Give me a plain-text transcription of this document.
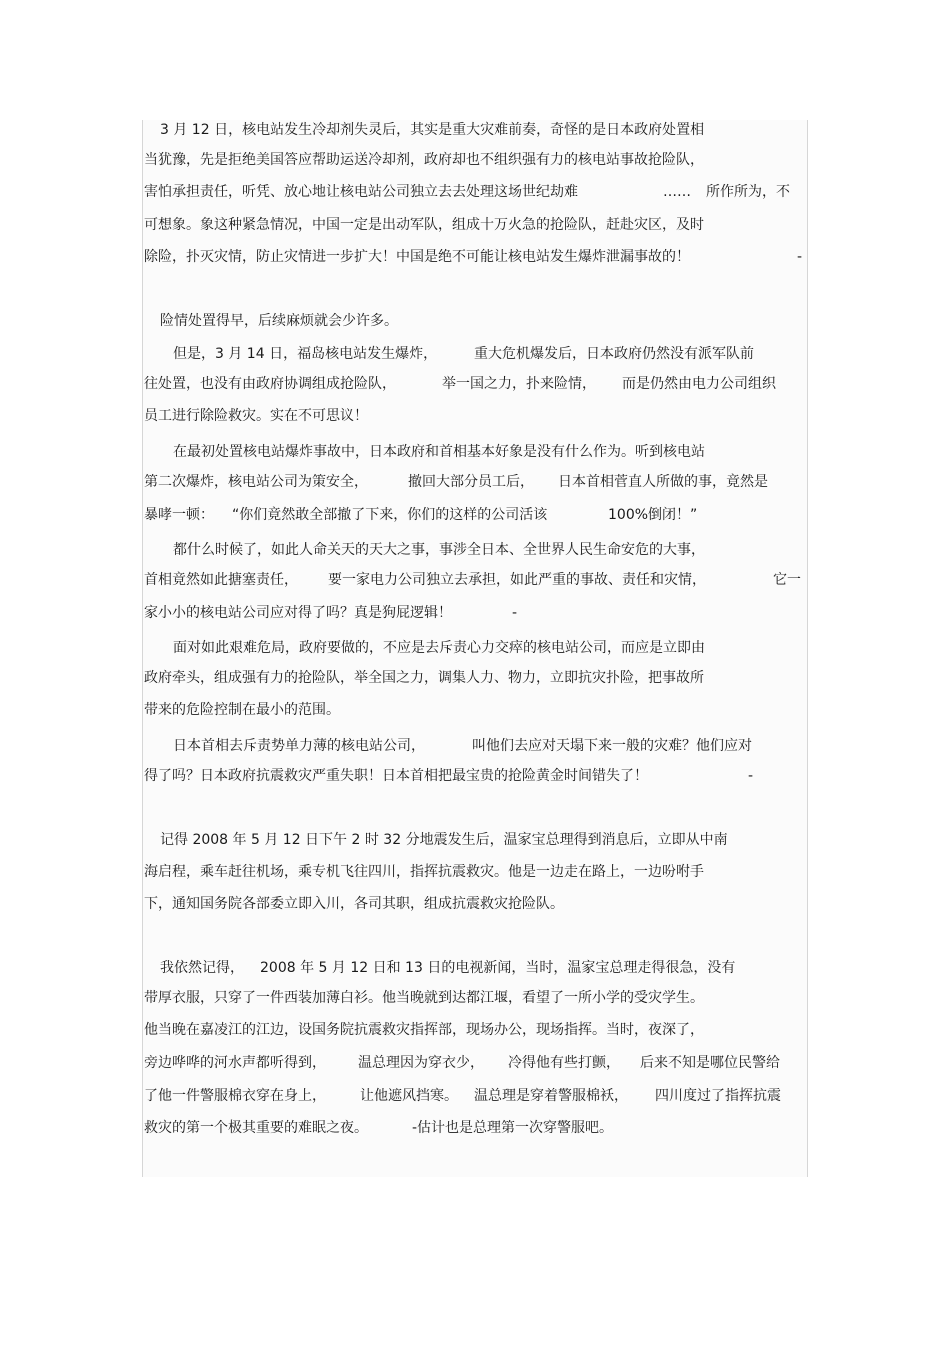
3 月 12 日，核电站发生冷却剂失灵后，其实是重大灾难前奏，奇怪的是日本政府处置相
当犹豫，先是拒绝美国答应帮助运送冷却剂，政府却也不组织强有力的核电站事故抢险队，
害怕承担责任，听凭、放心地让核电站公司独立去去处理这场世纪劫难	…… 所作所为，不
可想象。象这种紧急情况，中国一定是出动军队，组成十万火急的抢险队，赶赴灾区，及时
除险，扑灭灾情，防止灾情进一步扩大！中国是绝不可能让核电站发生爆炸泄漏事故的！	-
险情处置得早，后续麻烦就会少许多。
但是，3 月 14 日，福岛核电站发生爆炸，	重大危机爆发后，日本政府仍然没有派军队前
往处置，也没有由政府协调组成抢险队，	举一国之力，扑来险情， 而是仍然由电力公司组织
员工进行除险救灾。实在不可思议！
在最初处置核电站爆炸事故中，日本政府和首相基本好象是没有什么作为。听到核电站
第二次爆炸，核电站公司为策安全，	撤回大部分员工后， 日本首相菅直人所做的事，竟然是
暴哮一顿： “你们竟然敢全部撤了下来，你们的这样的公司活该	100%倒闭！”
都什么时候了，如此人命关天的天大之事，事涉全日本、全世界人民生命安危的大事，
首相竟然如此搪塞责任， 要一家电力公司独立去承担，如此严重的事故、责任和灾情，	它一
家小小的核电站公司应对得了吗？真是狗屁逻辑！	-
面对如此艰难危局，政府要做的，不应是去斥责心力交瘁的核电站公司，而应是立即由
政府牵头，组成强有力的抢险队，举全国之力，调集人力、物力，立即抗灾扑险，把事故所
带来的危险控制在最小的范围。
日本首相去斥责势单力薄的核电站公司，	叫他们去应对天塌下来一般的灾难？他们应对
得了吗？日本政府抗震救灾严重失职！日本首相把最宝贵的抢险黄金时间错失了！	-
记得 2008 年 5 月 12 日下午 2 时 32 分地震发生后，温家宝总理得到消息后，立即从中南
海启程，乘车赶往机场，乘专机飞往四川，指挥抗震救灾。他是一边走在路上，一边吩咐手
下，通知国务院各部委立即入川，各司其职，组成抗震救灾抢险队。
我依然记得， 2008 年 5 月 12 日和 13 日的电视新闻，当时，温家宝总理走得很急，没有
带厚衣服，只穿了一件西装加薄白衫。他当晚就到达都江堰，看望了一所小学的受灾学生。
他当晚在嘉凌江的江边，设国务院抗震救灾指挥部，现场办公，现场指挥。当时，夜深了，
旁边哗哗的河水声都听得到， 温总理因为穿衣少， 冷得他有些打颤， 后来不知是哪位民警给
了他一件警服棉衣穿在身上， 让他遮风挡寒。 温总理是穿着警服棉袄， 四川度过了指挥抗震
救灾的第一个极其重要的难眠之夜。	-估计也是总理第一次穿警服吧。
